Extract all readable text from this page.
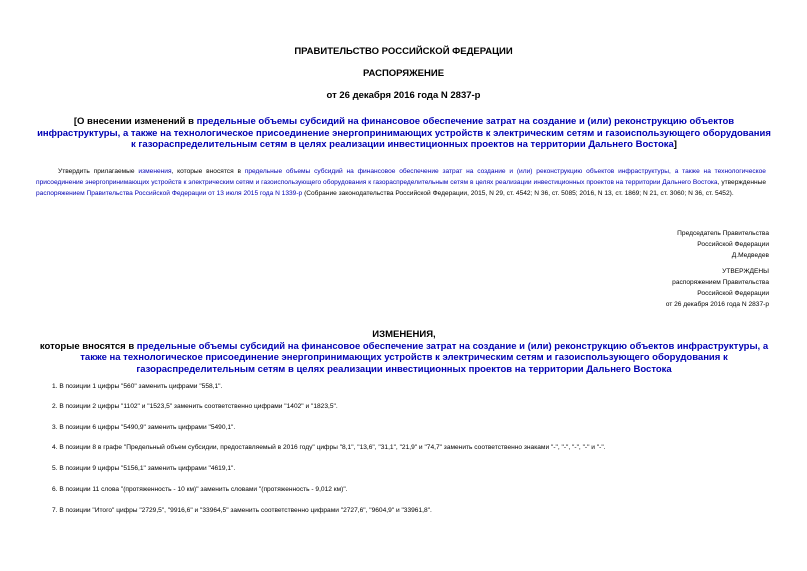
ПРАВИТЕЛЬСТВО РОССИЙСКОЙ ФЕДЕРАЦИИ
РАСПОРЯЖЕНИЕ
от 26 декабря 2016 года N 2837-р
[О внесении изменений в предельные объемы субсидий на финансовое обеспечение затрат на создание и (или) реконструкцию объектов инфраструктуры, а также на технологическое присоединение энергопринимающих устройств к электрическим сетям и газоиспользующего оборудования к газораспределительным сетям в целях реализации инвестиционных проектов на территории Дальнего Востока]
Утвердить прилагаемые изменения, которые вносятся в предельные объемы субсидий на финансовое обеспечение затрат на создание и (или) реконструкцию объектов инфраструктуры, а также на технологическое присоединение энергопринимающих устройств к электрическим сетям и газоиспользующего оборудования к газораспределительным сетям в целях реализации инвестиционных проектов на территории Дальнего Востока, утвержденные распоряжением Правительства Российской Федерации от 13 июля 2015 года N 1339-р (Собрание законодательства Российской Федерации, 2015, N 29, ст. 4542; N 36, ст. 5085; 2016, N 13, ст. 1869; N 21, ст. 3060; N 36, ст. 5452).
Председатель Правительства
Российской Федерации
Д.Медведев
УТВЕРЖДЕНЫ
распоряжением Правительства
Российской Федерации
от 26 декабря 2016 года N 2837-р
ИЗМЕНЕНИЯ,
которые вносятся в предельные объемы субсидий на финансовое обеспечение затрат на создание и (или) реконструкцию объектов инфраструктуры, а также на технологическое присоединение энергопринимающих устройств к электрическим сетям и газоиспользующего оборудования к газораспределительным сетям в целях реализации инвестиционных проектов на территории Дальнего Востока
1. В позиции 1 цифры "560" заменить цифрами "558,1".
2. В позиции 2 цифры "1102" и "1523,5" заменить соответственно цифрами "1402" и "1823,5".
3. В позиции 6 цифры "5490,9" заменить цифрами "5490,1".
4. В позиции 8 в графе "Предельный объем субсидии, предоставляемый в 2016 году" цифры "8,1", "13,6", "31,1", "21,9" и "74,7" заменить соответственно знаками "-", "-", "-", "-" и "-".
5. В позиции 9 цифры "5156,1" заменить цифрами "4619,1".
6. В позиции 11 слова "(протяженность - 10 км)" заменить словами "(протяженность - 9,012 км)".
7. В позиции "Итого" цифры "2729,5", "9916,6" и "33964,5" заменить соответственно цифрами "2727,6", "9604,9" и "33961,8".
